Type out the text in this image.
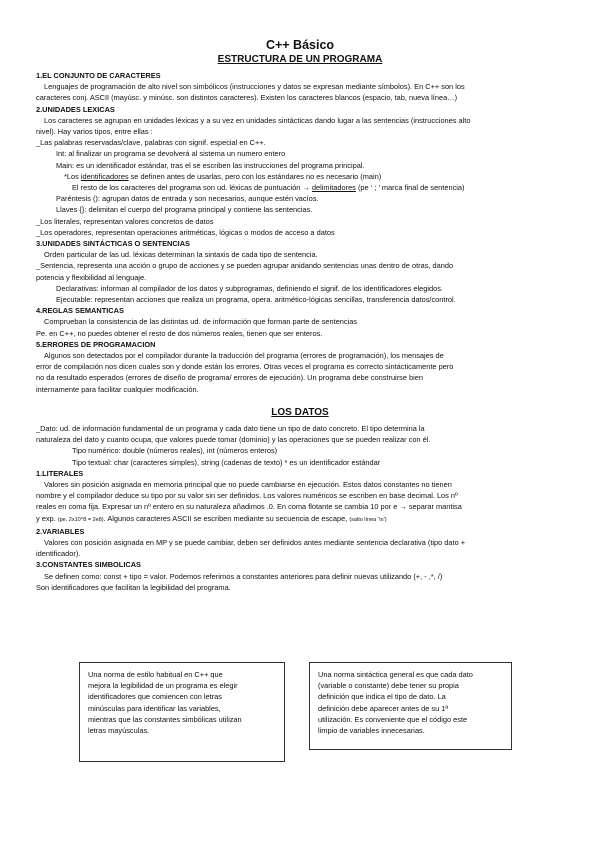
C++ Básico
ESTRUCTURA DE UN PROGRAMA

1.EL CONJUNTO DE CARACTERES

Lenguajes de programación de alto nivel son simbólicos (instrucciones y datos se expresan mediante símbolos). En C++ son los

caracteres conj. ASCII (mayúsc. y minúsc. son distintos caracteres). Existen los caracteres blancos (espacio, tab, nueva línea…)

2.UNIDADES LEXICAS

Los caracteres se agrupan en unidades léxicas y a su vez en unidades sintácticas dando lugar a las sentencias (instrucciones alto

nivel). Hay varios tipos, entre ellas :

_Las palabras reservadas/clave, palabras con signif. especial en C++.

Int: al finalizar un programa se devolverá al sistema un numero entero

Main: es un identificador estándar, tras el se escriben las instrucciones del programa principal.

*Los identificadores se definen antes de usarlas, pero con los estándares no es necesario (main)

El resto de los caracteres del programa son ud. léxicas de puntuación → delimitadores (pe ‘ ; ’ marca final de sentencia)

Paréntesis (): agrupan datos de entrada y son necesarios, aunque estén vacíos.

Llaves {}: delimitan el cuerpo del programa principal y contiene las sentencias.

_Los literales, representan valores concretos de datos

_Los operadores, representan operaciones aritméticas, lógicas o modos de acceso a datos

3.UNIDADES SINTÁCTICAS O SENTENCIAS

Orden particular de las ud. léxicas determinan la sintaxis de cada tipo de sentencia.

_Sentencia, representa una acción o grupo de acciones y se pueden agrupar anidando sentencias unas dentro de otras, dando

potencia y flexibilidad al lenguaje.

Declarativas: informan al compilador de los datos y subprogramas, definiendo el signif. de los identificadores elegidos.

Ejecutable: representan acciones que realiza un programa, opera. aritmético-lógicas sencillas, transferencia datos/control.

4.REGLAS SEMANTICAS

Comprueban la consistencia de las distintas ud. de información que forman parte de sentencias

Pe. en C++, no puedes obtener el resto de dos números reales, tienen que ser enteros.

5.ERRORES DE PROGRAMACION

Algunos son detectados por el compilador durante la traducción del programa (errores de programación), los mensajes de

error de compilación nos dicen cuales son y donde están los errores. Otras veces el programa es correcto sintácticamente pero

no da resultado esperados (errores de diseño de programa/ errores de ejecución). Un programa debe construirse bien

internamente para facilitar cualquier modificación.

LOS DATOS

_Dato: ud. de información fundamental de un programa y cada dato tiene un tipo de dato concreto. El tipo determina la

naturaleza del dato y cuanto ocupa, que valores puede tomar (dominio) y las operaciones que se pueden realizar con él.

Tipo numérico: double (números reales), int (números enteros)

Tipo textual: char (caracteres simples), string (cadenas de texto) * es un identificador estándar

1.LITERALES

Valores sin posición asignada en memoria principal que no puede cambiarse en ejecución. Estos datos constantes no tienen

nombre y el compilador deduce su tipo por su valor sin ser definidos. Los valores numéricos se escriben en base decimal. Los nº

reales en coma fija. Expresar un nº entero en su naturaleza añadimos .0. En coma flotante se cambia 10 por e → separar mantisa

y exp. (pe. 2x10^8 = 2e8). Algunos caracteres ASCII se escriben mediante su secuencia de escape, (salto línea ‘\n’)

2.VARIABLES

Valores con posición asignada en MP y se puede cambiar, deben ser definidos antes mediante sentencia declarativa (tipo dato +

identificador).

3.CONSTANTES SIMBOLICAS

Se definen como: const + tipo = valor. Podemos referirnos a constantes anteriores para definir nuevas utilizando (+, - ,*, /)

Son identificadores que facilitan la legibilidad del programa.

Una norma de estilo habitual en C++ que
mejora la legibilidad de un programa es elegir
identificadores que comiencen con letras
minúsculas para identificar las variables,
mientras que las constantes simbólicas utilizan
letras mayúsculas.
Una norma sintáctica general es que cada dato
(variable o constante) debe tener su propia
definición que indica el tipo de dato. La
definición debe aparecer antes de su 1ª
utilización. Es conveniente que el código este
limpio de variables innecesarias.
